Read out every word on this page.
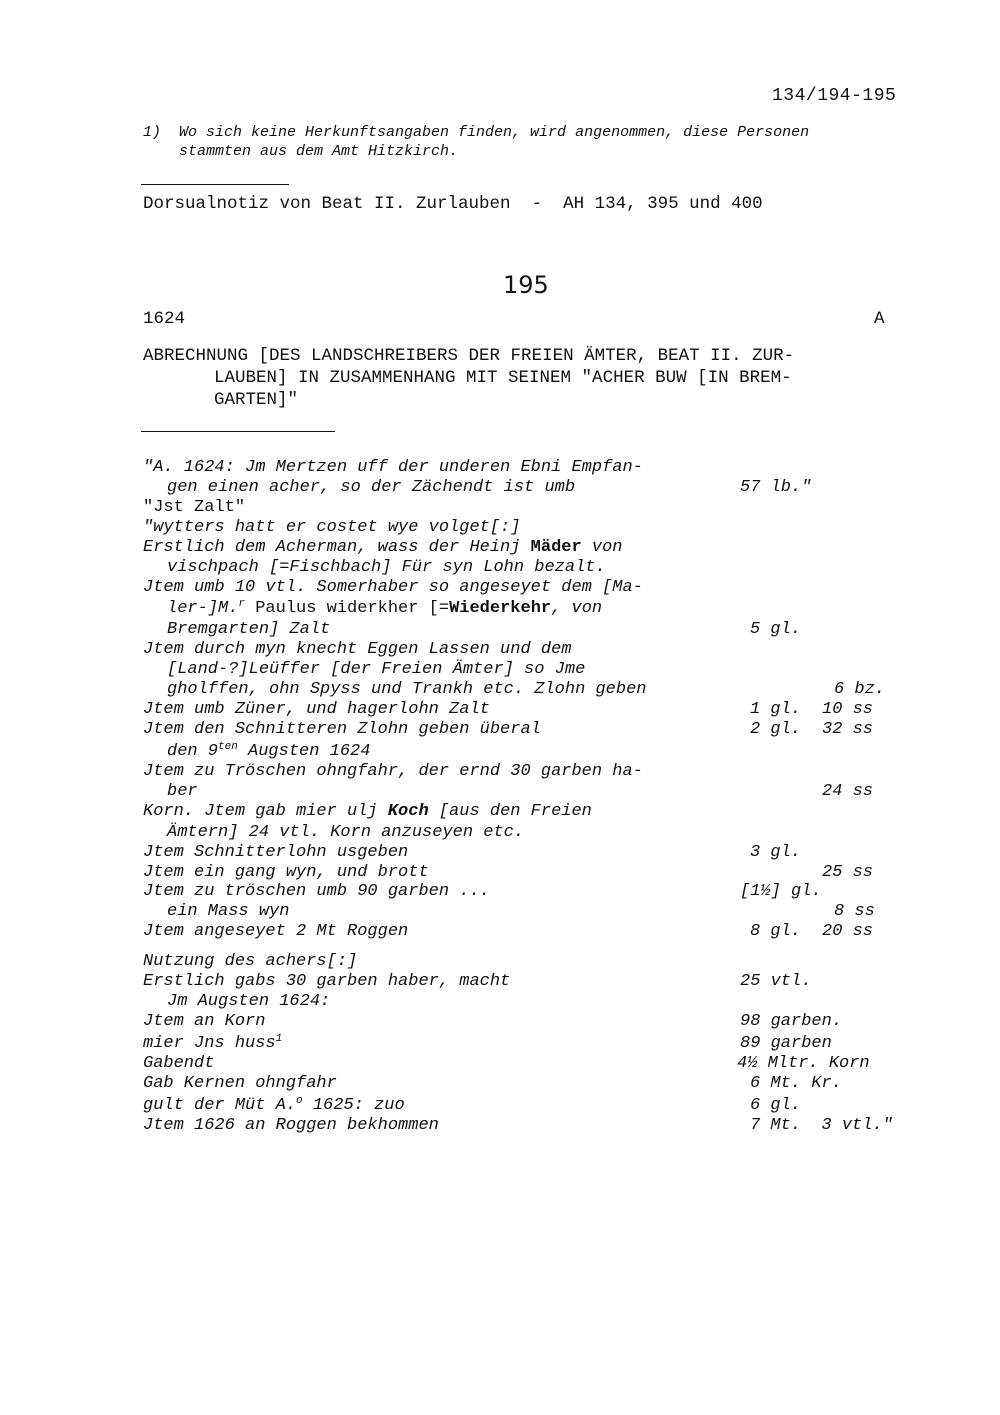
134/194-195
1) Wo sich keine Herkunftsangaben finden, wird angenommen, diese Personen
stammten aus dem Amt Hitzkirch.
Dorsualnotiz von Beat II. Zurlauben  -  AH 134, 395 und 400
195
1624	A
ABRECHNUNG [DES LANDSCHREIBERS DER FREIEN ÄMTER, BEAT II. ZUR-
LAUBEN] IN ZUSAMMENHANG MIT SEINEM "ACHER BUW [IN BREM-
GARTEN]"
"A. 1624: Jm Mertzen uff der underen Ebni Empfan-
gen einen acher, so der Zächendt ist umb	57 lb."
"Jst Zalt"
"wytters hatt er costet wye volget[:]
Erstlich dem Acherman, wass der Heinj Mäder von
vischpach [=Fischbach] Für syn Lohn bezalt.
Jtem umb 10 vtl. Somerhaber so angeseyet dem [Ma-
ler-]M.$^r$ Paulus widerkher [=Wiederkehr, von
Bremgarten] Zalt	5 gl.
Jtem durch myn knecht Eggen Lassen und dem
[Land-?]Leüffer [der Freien Ämter] so Jme
gholffen, ohn Spyss und Trankh etc. Zlohn geben	6 bz.
Jtem umb Züner, und hagerlohn Zalt	1 gl. 10 ss
Jtem den Schnitteren Zlohn geben überal	2 gl. 32 ss
den $9^{ten}$ Augsten 1624
Jtem zu Tröschen ohngfahr, der ernd 30 garben ha-
ber	24 ss
Korn. Jtem gab mier ulj Koch [aus den Freien
Ämtern] 24 vtl. Korn anzuseyen etc.
Jtem Schnitterlohn usgeben	3 gl.
Jtem ein gang wyn, und brott	25 ss
Jtem zu tröschen umb 90 garben ...	[1½] gl.
ein Mass wyn	8 ss
Jtem angeseyet 2 Mt Roggen	8 gl. 20 ss
Nutzung des achers[:]
Erstlich gabs 30 garben haber, macht	25 vtl.
Jm Augsten 1624:
Jtem an Korn	98 garben.
mier Jns huss$^1$	89 garben
Gabendt	4½ Mltr. Korn
Gab Kernen ohngfahr	6 Mt. Kr.
gult der Müt A.$^o$ 1625: zuo	6 gl.
Jtem 1626 an Roggen bekhommen	7 Mt.  3 vtl."
